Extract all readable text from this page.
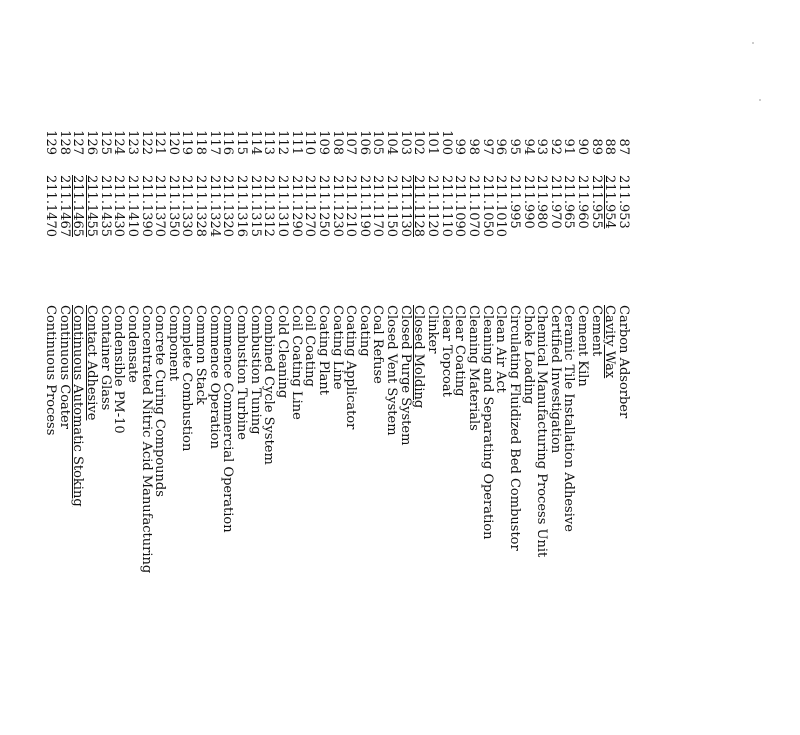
87
211.953
Carbon Adsorber
88
211.954
Cavity Wax
89
211.955
Cement
90
211.960
Cement Kiln
91
211.965
Ceramic Tile Installation Adhesive
92
211.970
Certified Investigation
93
211.980
Chemical Manufacturing Process Unit
94
211.990
Choke Loading
95
211.995
Circulating Fluidized Bed Combustor
96
211.1010
Clean Air Act
97
211.1050
Cleaning and Separating Operation
98
211.1070
Cleaning Materials
99
211.1090
Clear Coating
100
211.1110
Clear Topcoat
101
211.1120
Clinker
102
211.1128
Closed Molding
103
211.1130
Closed Purge System
104
211.1150
Closed Vent System
105
211.1170
Coal Refuse
106
211.1190
Coating
107
211.1210
Coating Applicator
108
211.1230
Coating Line
109
211.1250
Coating Plant
110
211.1270
Coil Coating
111
211.1290
Coil Coating Line
112
211.1310
Cold Cleaning
113
211.1312
Combined Cycle System
114
211.1315
Combustion Tuning
115
211.1316
Combustion Turbine
116
211.1320
Commence Commercial Operation
117
211.1324
Commence Operation
118
211.1328
Common Stack
119
211.1330
Complete Combustion
120
211.1350
Component
121
211.1370
Concrete Curing Compounds
122
211.1390
Concentrated Nitric Acid Manufacturing
123
211.1410
Condensate
124
211.1430
Condensible PM-10
125
211.1435
Container Glass
126
211.1455
Contact Adhesive
127
211.1465
Continuous Automatic Stoking
128
211.1467
Continuous Coater
129
211.1470
Continuous Process
